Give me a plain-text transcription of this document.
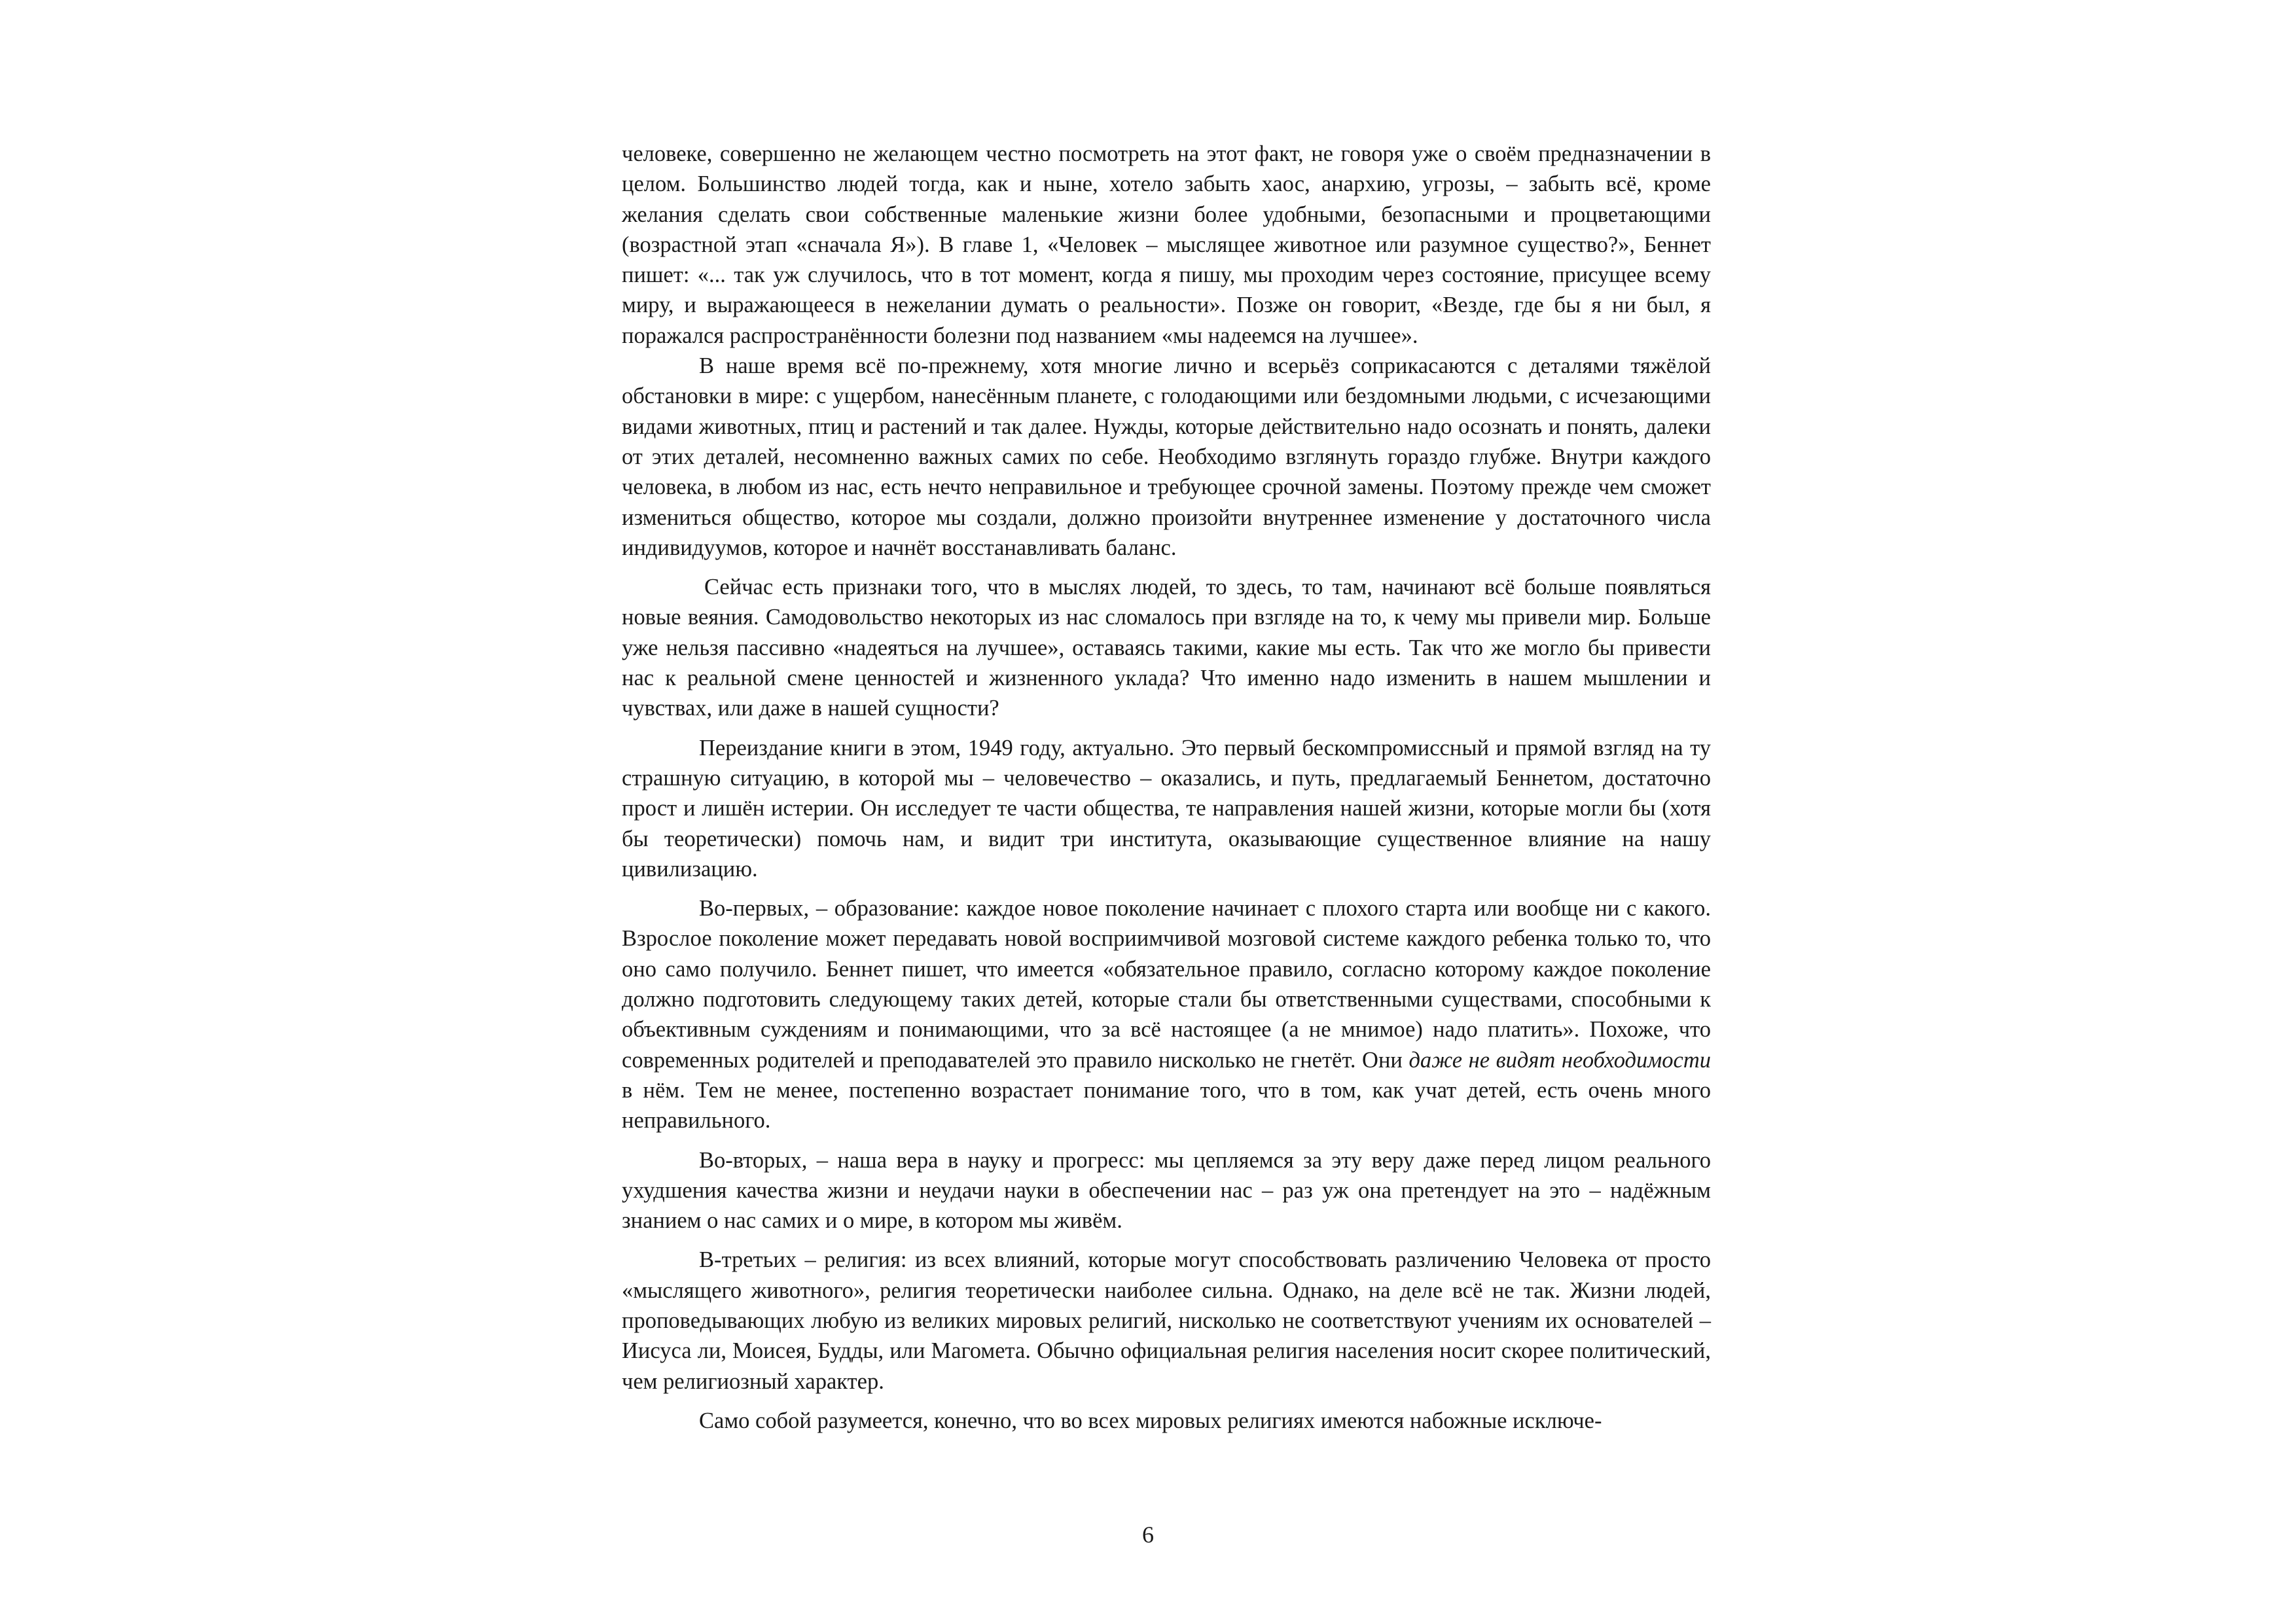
человеке, совершенно не желающем честно посмотреть на этот факт, не говоря уже о своём предназначении в целом. Большинство людей тогда, как и ныне, хотело забыть хаос, анархию, угрозы, – забыть всё, кроме желания сделать свои собственные маленькие жизни более удобными, безопасными и процветающими (возрастной этап «сначала Я»). В главе 1, «Человек – мыслящее животное или разумное существо?», Беннет пишет: «... так уж случилось, что в тот момент, когда я пишу, мы проходим через состояние, присущее всему миру, и выражающееся в нежелании думать о реальности». Позже он говорит, «Везде, где бы я ни был, я поражался распространённости болезни под названием «мы надеемся на лучшее».

В наше время всё по-прежнему, хотя многие лично и всерьёз соприкасаются с деталями тяжёлой обстановки в мире: с ущербом, нанесённым планете, с голодающими или бездомными людьми, с исчезающими видами животных, птиц и растений и так далее. Нужды, которые действительно надо осознать и понять, далеки от этих деталей, несомненно важных самих по себе. Необходимо взглянуть гораздо глубже. Внутри каждого человека, в любом из нас, есть нечто неправильное и требующее срочной замены. Поэтому прежде чем сможет измениться общество, которое мы создали, должно произойти внутреннее изменение у достаточного числа индивидуумов, которое и начнёт восстанавливать баланс.

Сейчас есть признаки того, что в мыслях людей, то здесь, то там, начинают всё больше появляться новые веяния. Самодовольство некоторых из нас сломалось при взгляде на то, к чему мы привели мир. Больше уже нельзя пассивно «надеяться на лучшее», оставаясь такими, какие мы есть. Так что же могло бы привести нас к реальной смене ценностей и жизненного уклада? Что именно надо изменить в нашем мышлении и чувствах, или даже в нашей сущности?

Переиздание книги в этом, 1949 году, актуально. Это первый бескомпромиссный и прямой взгляд на ту страшную ситуацию, в которой мы – человечество – оказались, и путь, предлагаемый Беннетом, достаточно прост и лишён истерии. Он исследует те части общества, те направления нашей жизни, которые могли бы (хотя бы теоретически) помочь нам, и видит три института, оказывающие существенное влияние на нашу цивилизацию.

Во-первых, – образование: каждое новое поколение начинает с плохого старта или вообще ни с какого. Взрослое поколение может передавать новой восприимчивой мозговой системе каждого ребенка только то, что оно само получило. Беннет пишет, что имеется «обязательное правило, согласно которому каждое поколение должно подготовить следующему таких детей, которые стали бы ответственными существами, способными к объективным суждениям и понимающими, что за всё настоящее (а не мнимое) надо платить». Похоже, что современных родителей и преподавателей это правило нисколько не гнетёт. Они даже не видят необходимости в нём. Тем не менее, постепенно возрастает понимание того, что в том, как учат детей, есть очень много неправильного.

Во-вторых, – наша вера в науку и прогресс: мы цепляемся за эту веру даже перед лицом реального ухудшения качества жизни и неудачи науки в обеспечении нас – раз уж она претендует на это – надёжным знанием о нас самих и о мире, в котором мы живём.

В-третьих – религия: из всех влияний, которые могут способствовать различению Человека от просто «мыслящего животного», религия теоретически наиболее сильна. Однако, на деле всё не так. Жизни людей, проповедывающих любую из великих мировых религий, нисколько не соответствуют учениям их основателей – Иисуса ли, Моисея, Будды, или Магомета. Обычно официальная религия населения носит скорее политический, чем религиозный характер.

Само собой разумеется, конечно, что во всех мировых религиях имеются набожные исключе-

6
